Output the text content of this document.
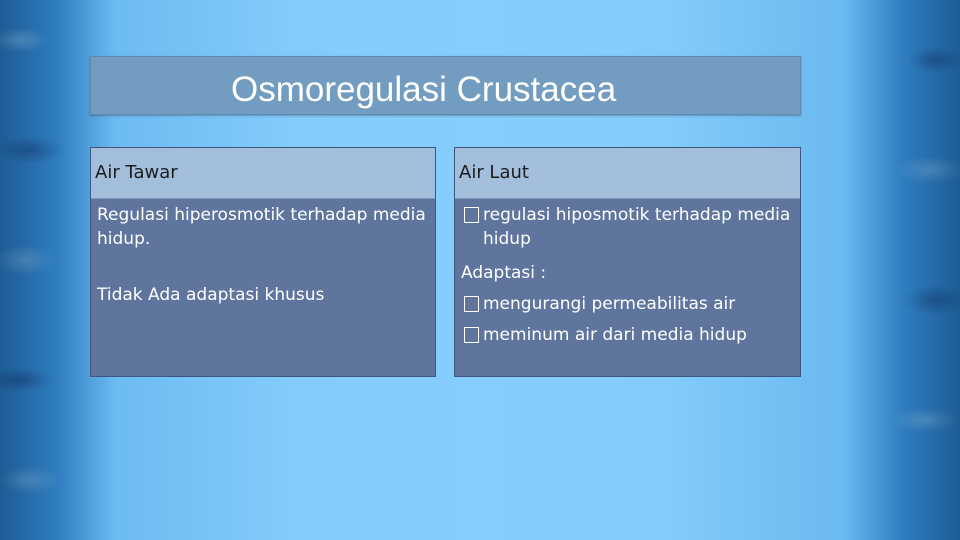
Osmoregulasi Crustacea
Air Tawar

Regulasi hiperosmotik terhadap media hidup.

Tidak Ada adaptasi khusus

Air Laut
regulasi hiposmotik terhadap media hidup
Adaptasi :
mengurangi permeabilitas air
meminum air dari media hidup
